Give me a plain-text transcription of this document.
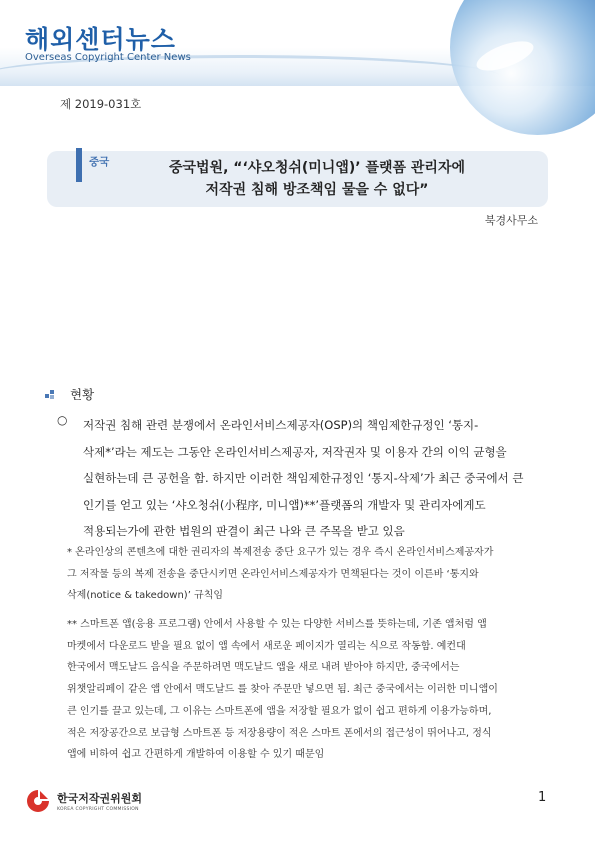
해외센터뉴스
Overseas Copyright Center News
제 2019-031호
중국	중국법원, “‘샤오청쉬(미니앱)’ 플랫폼 관리자에
저작권 침해 방조책임 물을 수 없다”
북경사무소
현황
○ 저작권 침해 관련 분쟁에서 온라인서비스제공자(OSP)의 책임제한규정인 ‘통지-
삭제*’라는 제도는 그동안 온라인서비스제공자, 저작권자 및 이용자 간의 이익 균형을
실현하는데 큰 공헌을 함. 하지만 이러한 책임제한규정인 ‘통지-삭제’가 최근 중국에서 큰
인기를 얻고 있는 ‘샤오청쉬(小程序, 미니앱)**’플랫폼의 개발자 및 관리자에게도
적용되는가에 관한 법원의 판결이 최근 나와 큰 주목을 받고 있음
* 온라인상의 콘텐츠에 대한 권리자의 복제전송 중단 요구가 있는 경우 즉시 온라인서비스제공자가
그 저작물 등의 복제 전송을 중단시키면 온라인서비스제공자가 면책된다는 것이 이른바 ‘통지와
삭제(notice & takedown)’ 규칙임
** 스마트폰 앱(응용 프로그램) 안에서 사용할 수 있는 다양한 서비스를 뜻하는데, 기존 앱처럼 앱
마켓에서 다운로드 받을 필요 없이 앱 속에서 새로운 페이지가 열리는 식으로 작동함. 예컨대
한국에서 맥도날드 음식을 주문하려면 맥도날드 앱을 새로 내려 받아야 하지만, 중국에서는
위챗알리페이 같은 앱 안에서 맥도날드 를 찾아 주문만 넣으면 됨. 최근 중국에서는 이러한 미니앱이
큰 인기를 끌고 있는데, 그 이유는 스마트폰에 앱을 저장할 필요가 없이 쉽고 편하게 이용가능하며,
적은 저장공간으로 보급형 스마트폰 등 저장용량이 적은 스마트 폰에서의 접근성이 뛰어나고, 정식
앱에 비하여 쉽고 간편하게 개발하여 이용할 수 있기 때문임
한국저작권위원회
KOREA COPYRIGHT COMMISSION
1
